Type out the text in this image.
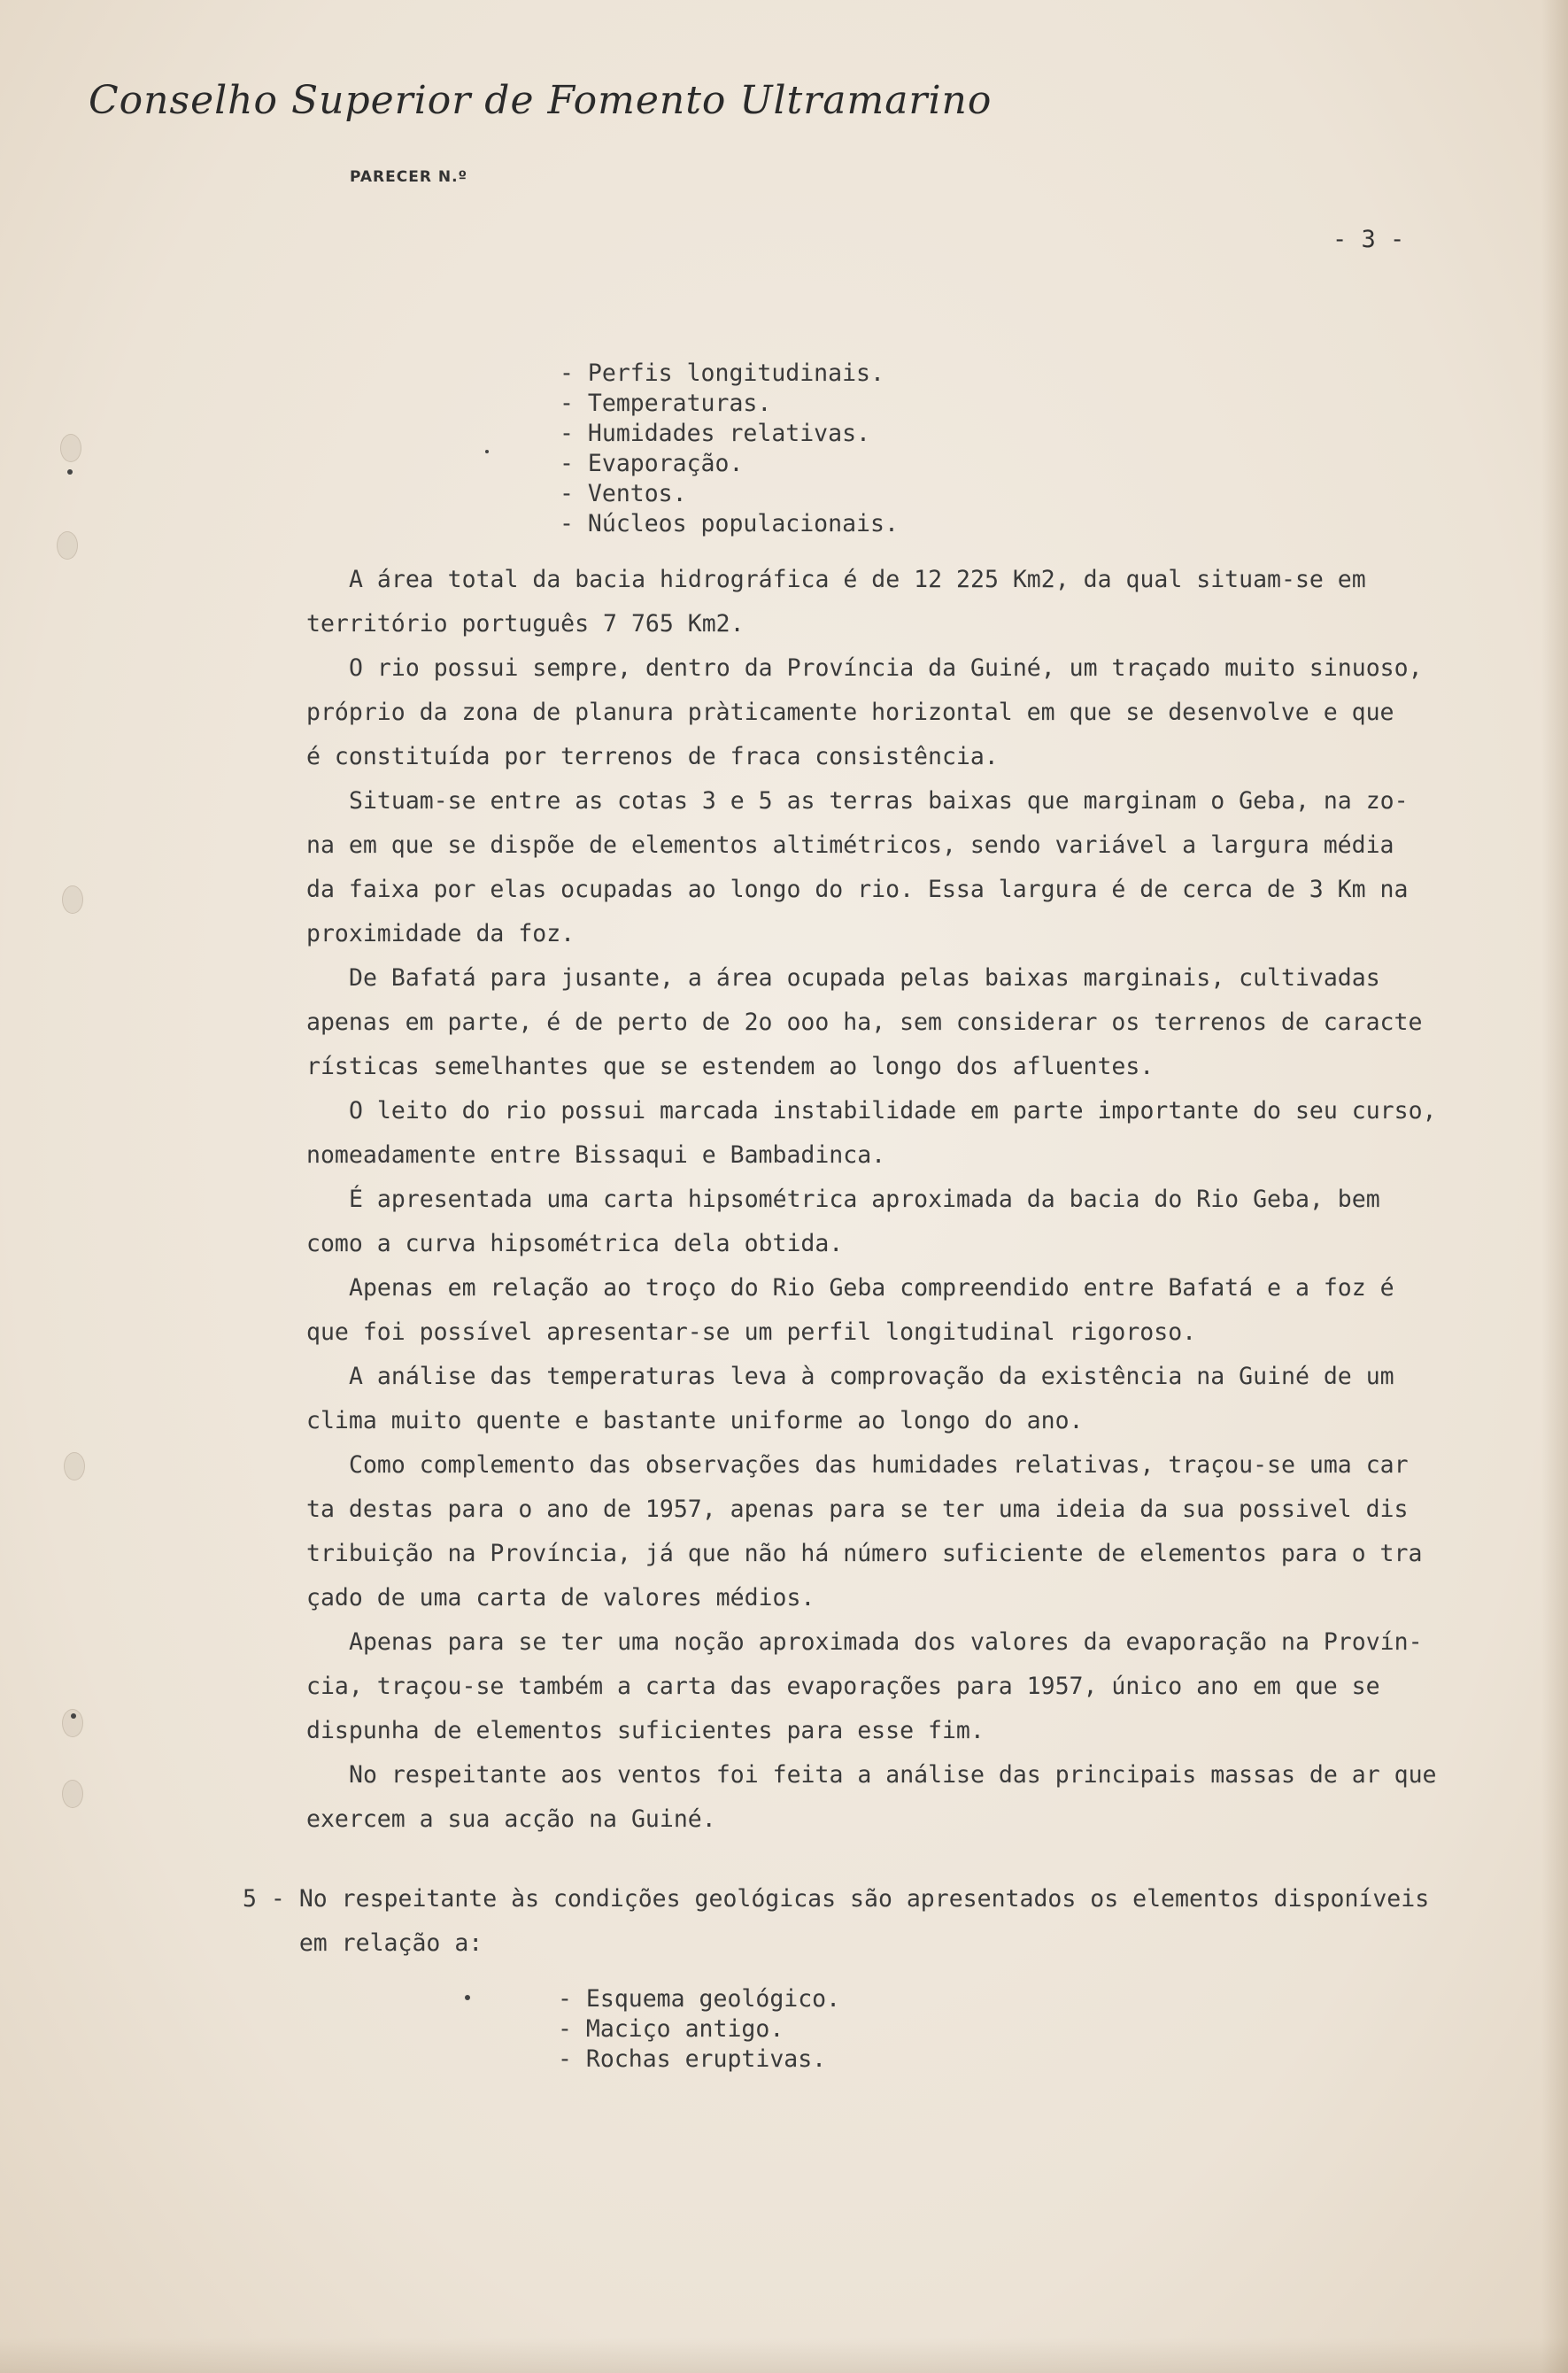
Conselho Superior de Fomento Ultramarino
PARECER N.º
- 3 -
- Perfis longitudinais.
- Temperaturas.
- Humidades relativas.
- Evaporação.
- Ventos.
- Núcleos populacionais.
A área total da bacia hidrográfica é de 12 225 Km2, da qual situam-se em
território português 7 765 Km2.
O rio possui sempre, dentro da Província da Guiné, um traçado muito sinuoso,
próprio da zona de planura pràticamente horizontal em que se desenvolve e que
é constituída por terrenos de fraca consistência.
Situam-se entre as cotas 3 e 5 as terras baixas que marginam o Geba, na zo-
na em que se dispõe de elementos altimétricos, sendo variável a largura média
da faixa por elas ocupadas ao longo do rio. Essa largura é de cerca de 3 Km na
proximidade da foz.
De Bafatá para jusante, a área ocupada pelas baixas marginais, cultivadas
apenas em parte, é de perto de 2o ooo ha, sem considerar os terrenos de caracte
rísticas semelhantes que se estendem ao longo dos afluentes.
O leito do rio possui marcada instabilidade em parte importante do seu curso,
nomeadamente entre Bissaqui e Bambadinca.
É apresentada uma carta hipsométrica aproximada da bacia do Rio Geba, bem
como a curva hipsométrica dela obtida.
Apenas em relação ao troço do Rio Geba compreendido entre Bafatá e a foz é
que foi possível apresentar-se um perfil longitudinal rigoroso.
A análise das temperaturas leva à comprovação da existência na Guiné de um
clima muito quente e bastante uniforme ao longo do ano.
Como complemento das observações das humidades relativas, traçou-se uma car
ta destas para o ano de 1957, apenas para se ter uma ideia da sua possivel dis
tribuição na Província, já que não há número suficiente de elementos para o tra
çado de uma carta de valores médios.
Apenas para se ter uma noção aproximada dos valores da evaporação na Provín-
cia, traçou-se também a carta das evaporações para 1957, único ano em que se
dispunha de elementos suficientes para esse fim.
No respeitante aos ventos foi feita a análise das principais massas de ar que
exercem a sua acção na Guiné.
5 - No respeitante às condições geológicas são apresentados os elementos disponíveis
em relação a:
- Esquema geológico.
- Maciço antigo.
- Rochas eruptivas.
